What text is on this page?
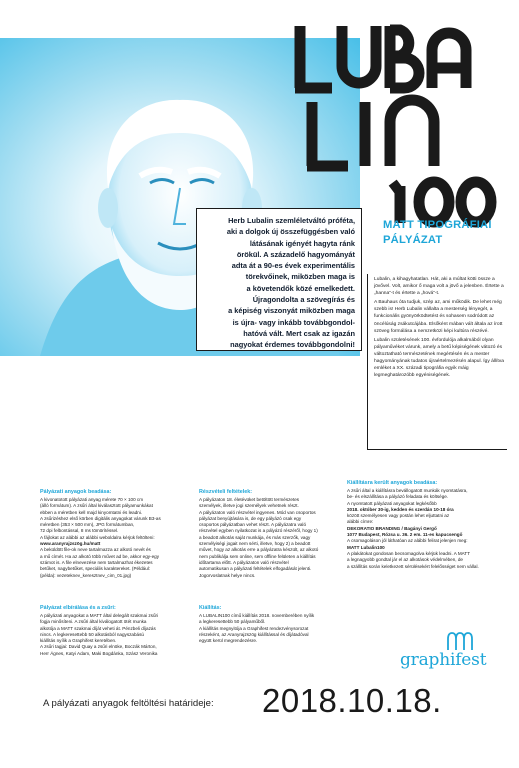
LUBA
Herb Lubalin szemléletváltó próféta,
aki a dolgok új összefüggésben való
látásának igényét hagyta ránk
örökül. A századelő hagyományát
adta át a 90-es évek experimentális
törekvőinek, miközben maga is
a követendők közé emelkedett.
Újragondolta a szövegírás és
a képiség viszonyát miközben maga
is újra- vagy inkább továbbgondol-
hatóvá vált. Mert csak az igazán
nagyokat érdemes továbbgondolni!
MATT TIPOGRÁFIAI
PÁLYÁZAT

Lubalin, a kihagyhatatlan. Hát, aki a múltat kötti össze a jövővel. Volt, amikor ő maga volt a jövő a jelenben. Értette a „hanna”-t és értette a „hová”-t.

A Bauhaus óta tudjuk, szép az, ami működik. De lehet még szebb is! Herb Lubalin vállalta a mesterség lényegét, a funkcionális gyönyörködtetést és sohasem sodródott az öncélúság zsákutcájába. Elsőként mában vált általa az írott szöveg formálása a nemzetközi képi kultúra részévé.

Lubalin születésének 100. évfordulója alkalmából olyan pályaművéket várunk, amely a betű képiségének vátozó és változtatható természetének megértésén és a mester hagyományának tudatos újraértelmezésén alapul. Így állítva emléket a XX. századi tipográfia egyik máig legmeghatározóbb egyéniségének.

Pályázati anyagok beadása:

A kivonatotott pályázati anyag mérete 70 × 100 cm

(álló formátum). A zsűri által kiválasztott pályamunkákat

ebben a méretben kell majd kinyomtatni és leadni.

A zsűrizéshez első körben digitális anyagokat várunk B3-as

méretben (353 × 500 mm), JPG formátumban,

72 dpi felbontással, 8 ms tömörítéssel.

A fájlokat az alábbi az alábbi weboldalra kérjük feltölteni:

www.aranyrajzszög.hu/matt

A beküldött file-ok neve tartalmazza az alkotó nevét és

a mű címét. Ha az alkotó több művet ad be, akkor egy-egy

számot is. A file elnevezése nem tartalmazhat ékezetes

betűket, nagybetűket, speciális karaktereket. (Például:

(példa): vezeteknev_keresztnev_cim_01.jpg)

Részvételi feltételek:

A pályázaton 18. életévüket betöltött természetes

személyek, illetve jogi személyek vehetnek részt.

A pályázaton való részvétel ingyenes. Mód van csoportos

pályázat benyújtására is, de egy pályázó csak egy

csoportos pályázatban vehet részt. A pályázatra való

részvétel egyben nyilatkozat is a pályázó részéről, hogy 1)

a beadott alkotás saját munkája, és más szerzők, vagy

személyiségi jogait nem sérti, illetve, hogy 2) a beadott

művet, hogy az alkotás erre a pályázatra készült, az alkotó

nem publikálja sem online, sem offline felületen a kiállítás

időtartama előtt. A pályázaton való részvétel

automatikusan a pályázati feltételek elfogadását jelenti.

Jogorvoslatnak helye nincs.

Kiállításra került anyagok beadása:

A zsűri által a kiállításra bevállogatott munkák nyomtatásra,

be- és elszállítása a pályázó feladata és költsége.

A nyomtatott pályázati anyagokat legkésőbb

2018. október 30-ig, kedden és szerdán 10-18 óra

között személyesen vagy postán lehet eljuttatni az

alábbi címre:

DEKORATIO BRANDING / Bagányi Gergő

1077 Budapest, Rózsa u. 36. 2 em. 11-es kapucsengő

A csomagoláson jól láthatóan az alábbi felirat jelenjen meg:

MATT Lubalin100

A plakátokat gondosan becsomagolva kérjük leadni. A MATT

a legnagyobb gondtal jár el az alkotások védelmében, de

a szállítás során keletkezett sérülésekért felelősséget nem vállal.

Pályázat elbírálása és a zsűri:

A pályázati anyagokat a MATT által delegált szakmai zsűri

fogja minősíteni. A zsűri által kiválogatott ötét munka

alkotója a MATT szakmai díját veheti át. Pénzbeli díjazás

nincs. A legkeresettebb 50 alkotásból nagyszabású

kiállítás nyílik a Graphifest keretében.

A zsűri tagjai: David Quay a zsűri elnöke, Boczák Márton,

Herr Ágnes, Katyi Adam, Maki Bogdánka, Szász Veronika

Kiállítás:

A LUBALIN100 című kiállítás 2018. novemberében nyílik

a legkeresettebb 50 pályaműből.

A kiállítás megnyitója a Graphifest rendezvénysorozat

részeként, az Aranyrajzszög kiállítással és díjátadóval

együtt kerül megrendezésre.

graphifest
A pályázati anyagok feltöltési határideje: 2018.10.18.
